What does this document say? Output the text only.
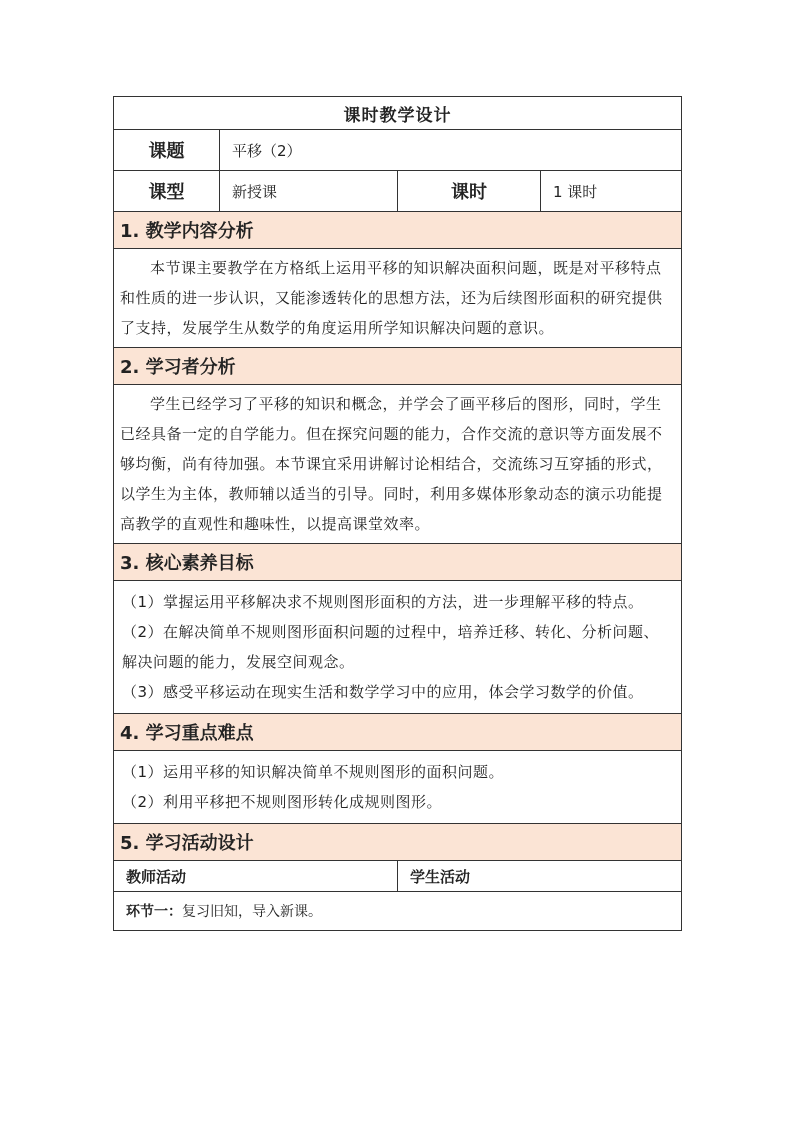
课时教学设计			
课题	平移（2）		
课型	新授课	课时	1 课时
1. 教学内容分析			
本节课主要教学在方格纸上运用平移的知识解决面积问题，既是对平移特点和性质的进一步认识，又能渗透转化的思想方法，还为后续图形面积的研究提供了支持，发展学生从数学的角度运用所学知识解决问题的意识。			
2. 学习者分析			
学生已经学习了平移的知识和概念，并学会了画平移后的图形，同时，学生已经具备一定的自学能力。但在探究问题的能力，合作交流的意识等方面发展不够均衡，尚有待加强。本节课宜采用讲解讨论相结合，交流练习互穿插的形式，以学生为主体，教师辅以适当的引导。同时，利用多媒体形象动态的演示功能提高教学的直观性和趣味性，以提高课堂效率。			
3. 核心素养目标			

（1）掌握运用平移解决求不规则图形面积的方法，进一步理解平移的特点。

（2）在解决简单不规则图形面积问题的过程中，培养迁移、转化、分析问题、解决问题的能力，发展空间观念。

（3）感受平移运动在现实生活和数学学习中的应用，体会学习数学的价值。			

4. 学习重点难点			

（1）运用平移的知识解决简单不规则图形的面积问题。

（2）利用平移把不规则图形转化成规则图形。			

5. 学习活动设计			
教师活动		学生活动	
环节一：复习旧知，导入新课。			
